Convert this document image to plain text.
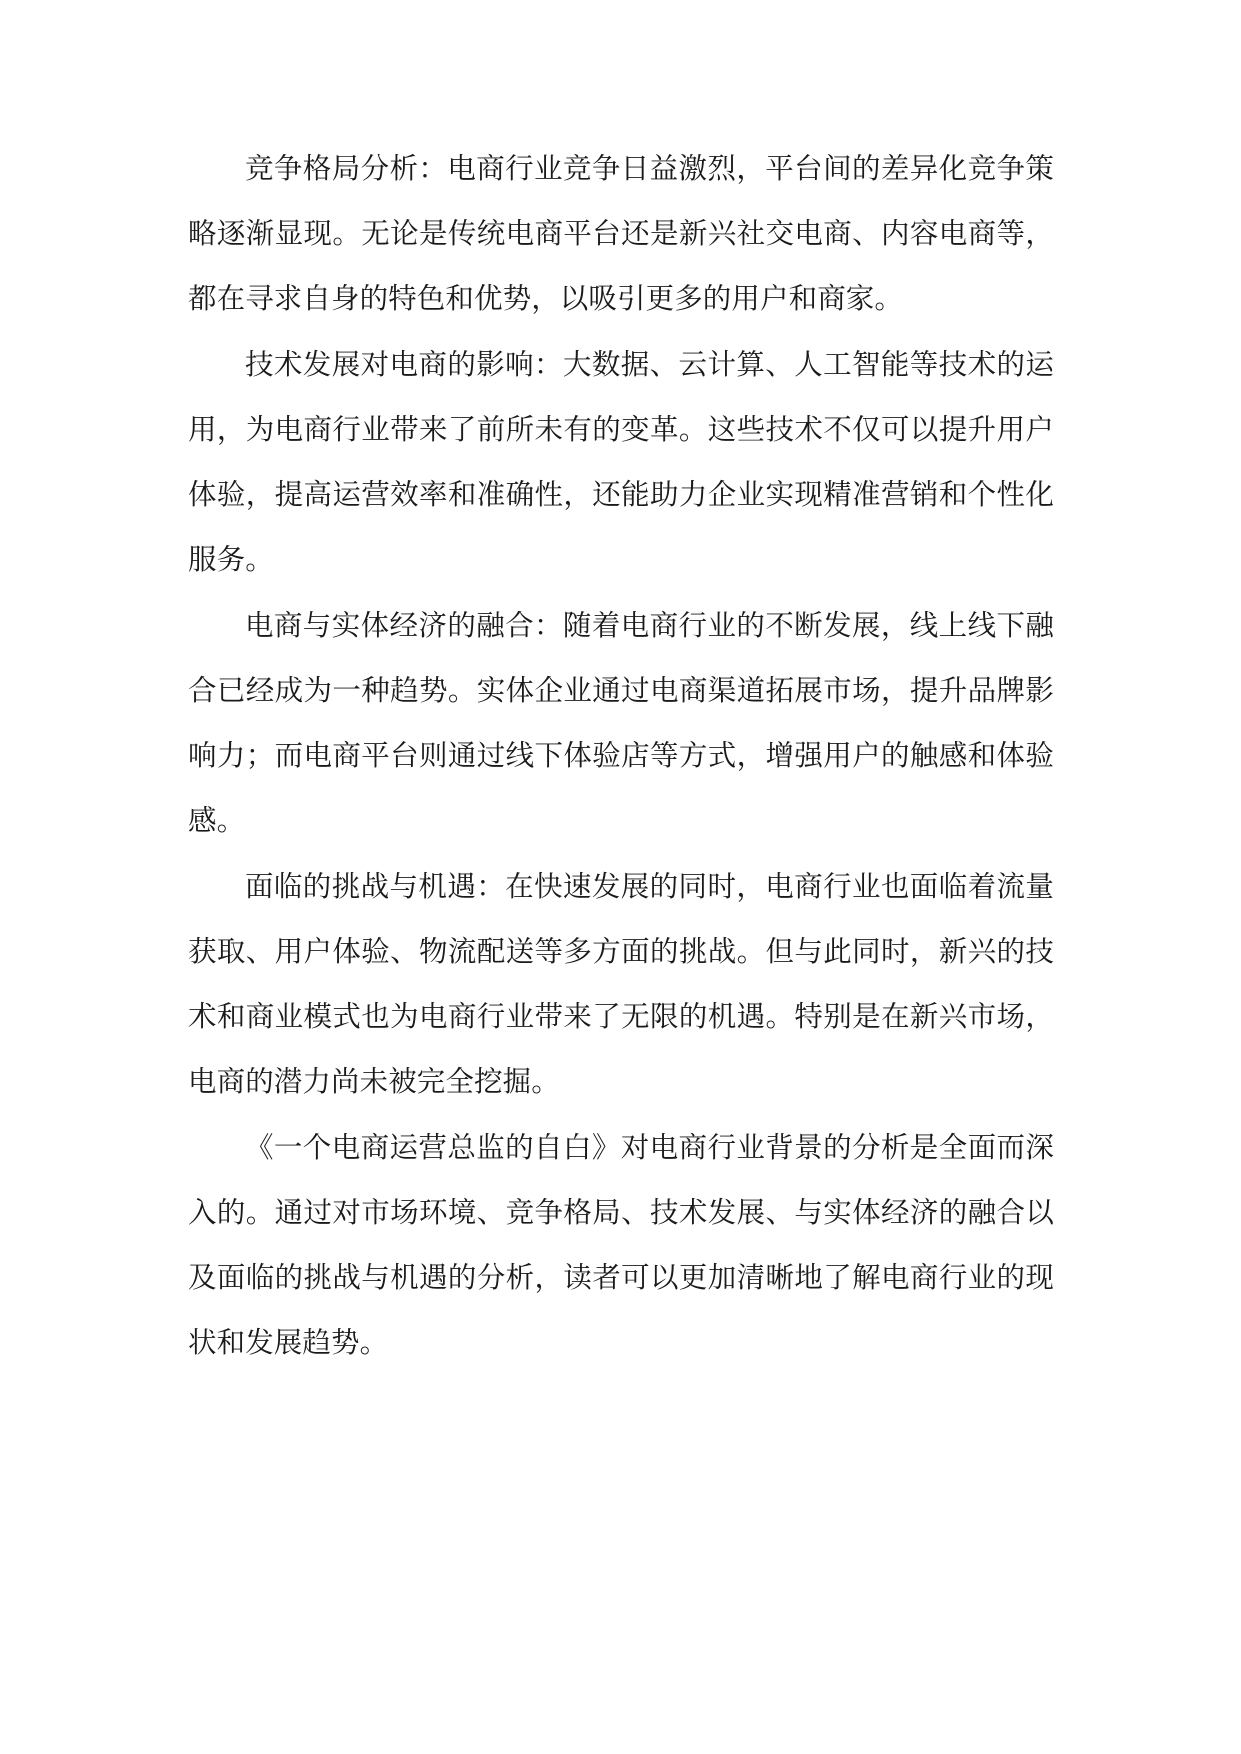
竞争格局分析：电商行业竞争日益激烈，平台间的差异化竞争策略逐渐显现。无论是传统电商平台还是新兴社交电商、内容电商等，都在寻求自身的特色和优势，以吸引更多的用户和商家。

技术发展对电商的影响：大数据、云计算、人工智能等技术的运用，为电商行业带来了前所未有的变革。这些技术不仅可以提升用户体验，提高运营效率和准确性，还能助力企业实现精准营销和个性化服务。

电商与实体经济的融合：随着电商行业的不断发展，线上线下融合已经成为一种趋势。实体企业通过电商渠道拓展市场，提升品牌影响力；而电商平台则通过线下体验店等方式，增强用户的触感和体验感。

面临的挑战与机遇：在快速发展的同时，电商行业也面临着流量获取、用户体验、物流配送等多方面的挑战。但与此同时，新兴的技术和商业模式也为电商行业带来了无限的机遇。特别是在新兴市场，电商的潜力尚未被完全挖掘。

《一个电商运营总监的自白》对电商行业背景的分析是全面而深入的。通过对市场环境、竞争格局、技术发展、与实体经济的融合以及面临的挑战与机遇的分析，读者可以更加清晰地了解电商行业的现状和发展趋势。
